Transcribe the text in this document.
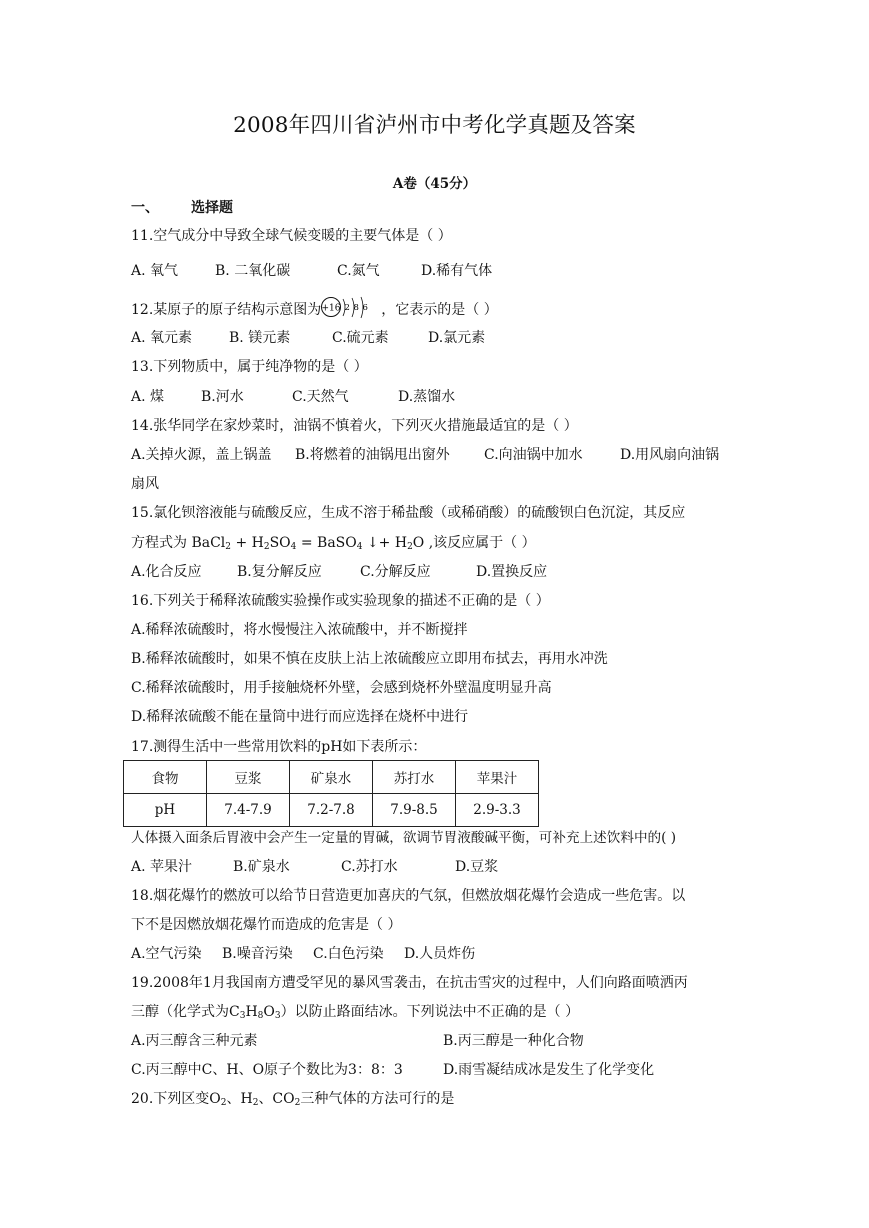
2008年四川省泸州市中考化学真题及答案
A卷（45分）
一、 选择题
11.空气成分中导致全球气候变暖的主要气体是（ ）
A. 氧气	B. 二氧化碳	C.氮气	D.稀有气体
12.某原子的原子结构示意图为 +16 2 8 6 ，它表示的是（ ）
A. 氧元素	B. 镁元素	C.硫元素	D.氯元素
13.下列物质中，属于纯净物的是（ ）
A. 煤	B.河水	C.天然气	D.蒸馏水
14.张华同学在家炒菜时，油锅不慎着火，下列灭火措施最适宜的是（ ）
A.关掉火源，盖上锅盖 B.将燃着的油锅甩出窗外 C.向油锅中加水	D.用风扇向油锅
扇风
15.氯化钡溶液能与硫酸反应，生成不溶于稀盐酸（或稀硝酸）的硫酸钡白色沉淀，其反应
方程式为 BaCl$_2$ + $H_2SO_4$ = BaSO$_4$ ↓+ $H_2O$ ,该反应属于（ ）
A.化合反应	B.复分解反应	C.分解反应	D.置换反应
16.下列关于稀释浓硫酸实验操作或实验现象的描述不正确的是（ ）
A.稀释浓硫酸时，将水慢慢注入浓硫酸中，并不断搅拌
B.稀释浓硫酸时，如果不慎在皮肤上沾上浓硫酸应立即用布拭去，再用水冲洗
C.稀释浓硫酸时，用手接触烧杯外壁，会感到烧杯外壁温度明显升高
D.稀释浓硫酸不能在量筒中进行而应选择在烧杯中进行
17.测得生活中一些常用饮料的pH如下表所示：
食物	豆浆	矿泉水	苏打水	苹果汁
pH	7.4-7.9	7.2-7.8	7.9-8.5	2.9-3.3
人体摄入面条后胃液中会产生一定量的胃碱，欲调节胃液酸碱平衡，可补充上述饮料中的( )
A. 苹果汁	B.矿泉水	C.苏打水	D.豆浆
18.烟花爆竹的燃放可以给节日营造更加喜庆的气氛，但燃放烟花爆竹会造成一些危害。以
下不是因燃放烟花爆竹而造成的危害是（ ）
A.空气污染 B.噪音污染 C.白色污染 D.人员炸伤
19.2008年1月我国南方遭受罕见的暴风雪袭击，在抗击雪灾的过程中，人们向路面喷洒丙
三醇（化学式为$C_3H_8O_3$）以防止路面结冰。下列说法中不正确的是（ ）
A.丙三醇含三种元素	B.丙三醇是一种化合物
C.丙三醇中C、H、O原子个数比为3：8：3	D.雨雪凝结成冰是发生了化学变化
20.下列区变$O_2$、$H_2$、$CO_2$三种气体的方法可行的是
